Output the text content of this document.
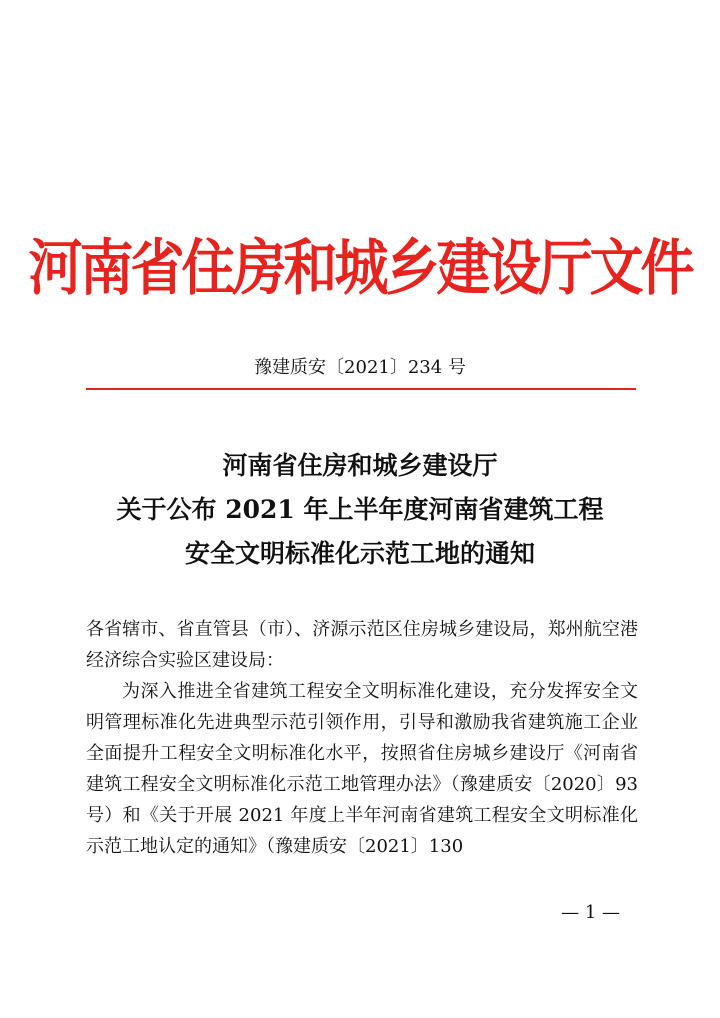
河南省住房和城乡建设厅文件
豫建质安〔2021〕234 号
河南省住房和城乡建设厅
关于公布 2021 年上半年度河南省建筑工程
安全文明标准化示范工地的通知

各省辖市、省直管县（市）、济源示范区住房城乡建设局，郑州航空港经济综合实验区建设局：

为深入推进全省建筑工程安全文明标准化建设，充分发挥安全文明管理标准化先进典型示范引领作用，引导和激励我省建筑施工企业全面提升工程安全文明标准化水平，按照省住房城乡建设厅《河南省建筑工程安全文明标准化示范工地管理办法》（豫建质安〔2020〕93 号）和《关于开展 2021 年度上半年河南省建筑工程安全文明标准化示范工地认定的通知》（豫建质安〔2021〕130

— 1 —
